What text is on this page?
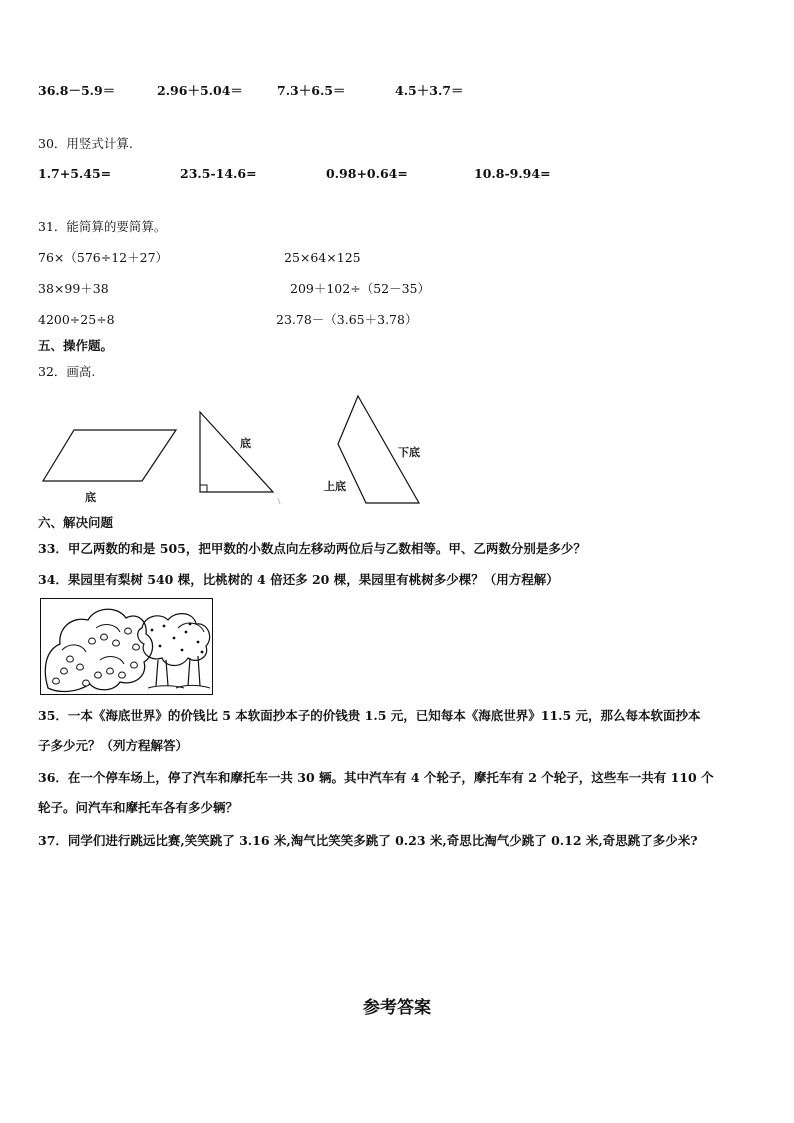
36.8－5.9＝	2.96＋5.04＝	7.3＋6.5＝	4.5＋3.7＝
30．用竖式计算.
1.7+5.45=	23.5-14.6=	0.98+0.64=	10.8-9.94=
31．能简算的要简算。
76×（576÷12＋27）	25×64×125
38×99＋38	209＋102÷（52－35）
4200÷25÷8	23.78－（3.65＋3.78）
五、操作题。
32．画高.
底
底
下底
上底
六、解决问题
33．甲乙两数的和是 505，把甲数的小数点向左移动两位后与乙数相等。甲、乙两数分别是多少？
34．果园里有梨树 540 棵，比桃树的 4 倍还多 20 棵，果园里有桃树多少棵？（用方程解）
35．一本《海底世界》的价钱比 5 本软面抄本子的价钱贵 1.5 元，已知每本《海底世界》11.5 元，那么每本软面抄本
子多少元？（列方程解答）
36．在一个停车场上，停了汽车和摩托车一共 30 辆。其中汽车有 4 个轮子，摩托车有 2 个轮子，这些车一共有 110 个
轮子。问汽车和摩托车各有多少辆？
37．同学们进行跳远比赛,笑笑跳了 3.16 米,淘气比笑笑多跳了 0.23 米,奇思比淘气少跳了 0.12 米,奇思跳了多少米?
参考答案
